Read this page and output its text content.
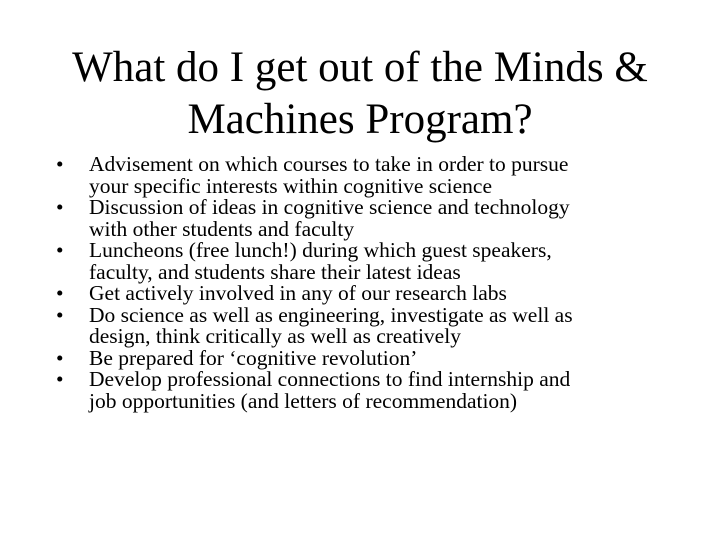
What do I get out of the Minds &
Machines Program?
• Advisement on which courses to take in order to pursue
your specific interests within cognitive science
• Discussion of ideas in cognitive science and technology
with other students and faculty
• Luncheons (free lunch!) during which guest speakers,
faculty, and students share their latest ideas
• Get actively involved in any of our research labs
• Do science as well as engineering, investigate as well as
design, think critically as well as creatively
• Be prepared for ‘cognitive revolution’
• Develop professional connections to find internship and
job opportunities (and letters of recommendation)
